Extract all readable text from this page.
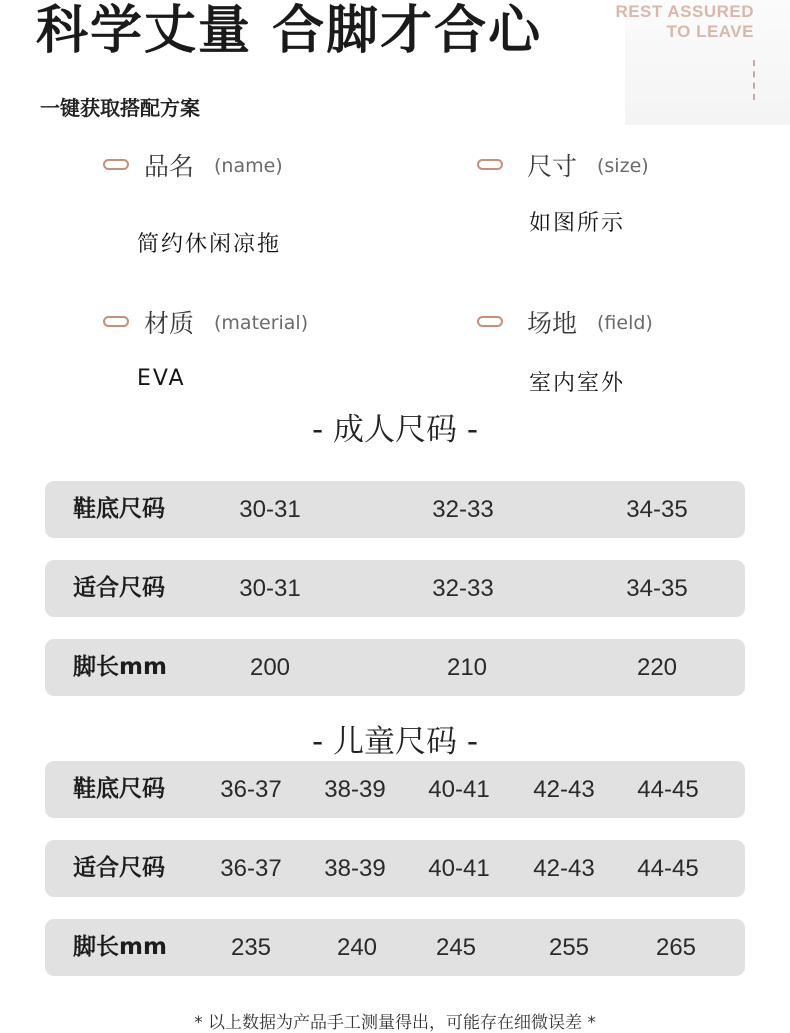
科学丈量 合脚才合心	REST ASSURED
TO LEAVE
一键获取搭配方案
品名 (name)
简约休闲凉拖
尺寸 (size)
如图所示
材质 (material)
EVA
场地 (field)
室内室外
- 成人尺码 -
鞋底尺码	30-31	32-33	34-35
适合尺码	30-31	32-33	34-35
脚长mm	200	210	220
- 儿童尺码 -
鞋底尺码	36-37	38-39	40-41	42-43	44-45
适合尺码	36-37	38-39	40-41	42-43	44-45
脚长mm	235	240	245	255	265
* 以上数据为产品手工测量得出，可能存在细微误差 *
